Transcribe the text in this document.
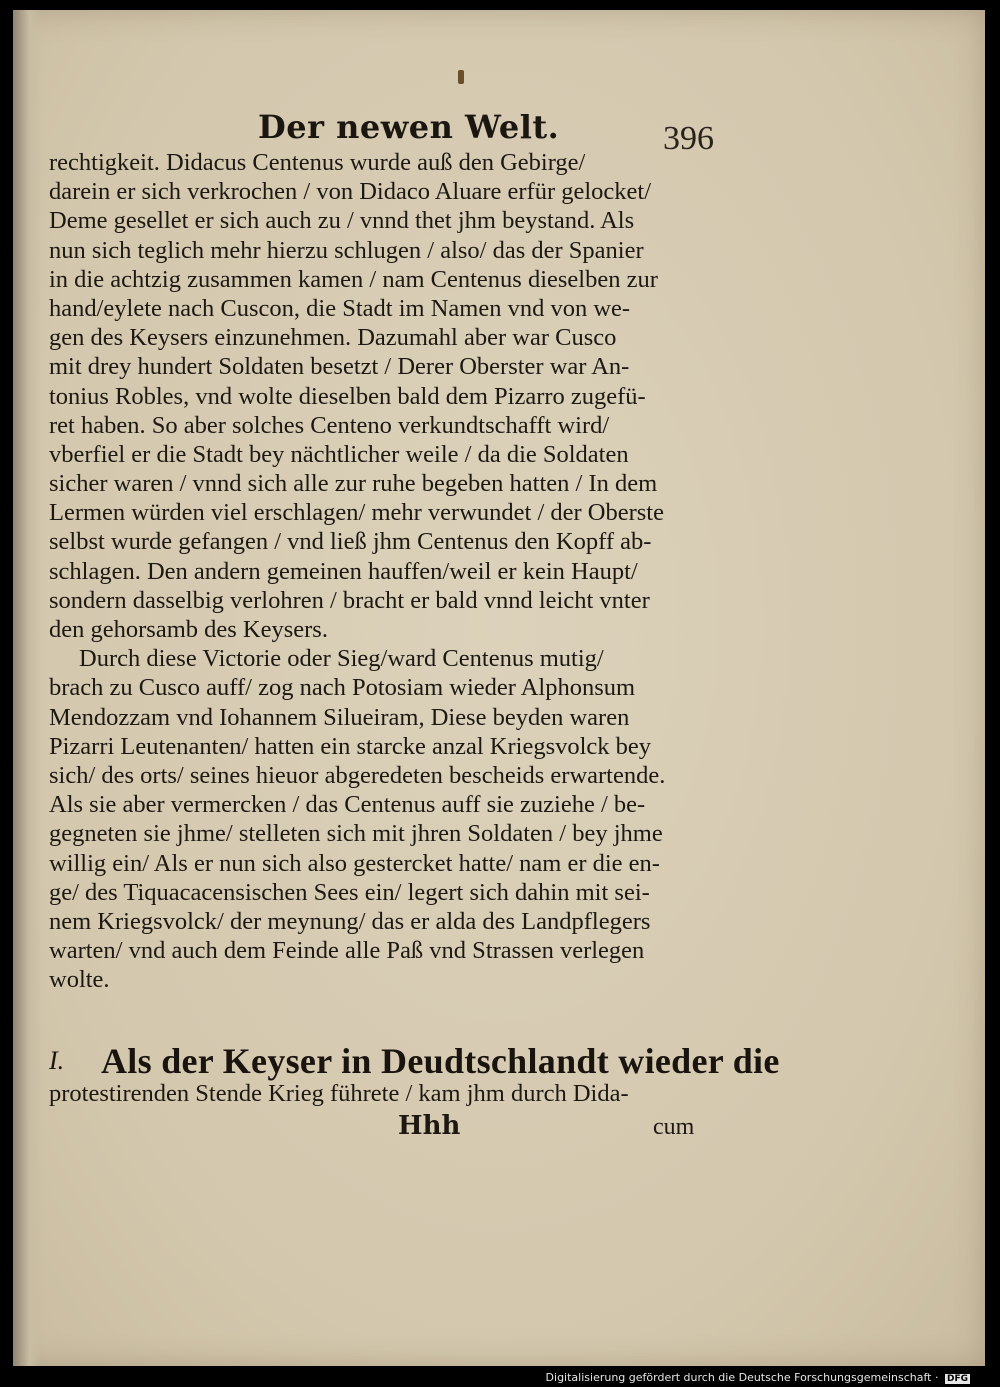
Der newen Welt.	396
rechtigkeit. Didacus Centenus wurde auß den Gebirge/
darein er sich verkrochen / von Didaco Aluare erfür gelocket/
Deme gesellet er sich auch zu / vnnd thet jhm beystand. Als
nun sich teglich mehr hierzu schlugen / also/ das der Spanier
in die achtzig zusammen kamen / nam Centenus dieselben zur
hand/eylete nach Cuscon, die Stadt im Namen vnd von we-
gen des Keysers einzunehmen. Dazumahl aber war Cusco
mit drey hundert Soldaten besetzt / Derer Oberster war An-
tonius Robles, vnd wolte dieselben bald dem Pizarro zugefü-
ret haben. So aber solches Centeno verkundtschafft wird/
vberfiel er die Stadt bey nächtlicher weile / da die Soldaten
sicher waren / vnnd sich alle zur ruhe begeben hatten / In dem
Lermen würden viel erschlagen/ mehr verwundet / der Oberste
selbst wurde gefangen / vnd ließ jhm Centenus den Kopff ab-
schlagen. Den andern gemeinen hauffen/weil er kein Haupt/
sondern dasselbig verlohren / bracht er bald vnnd leicht vnter
den gehorsamb des Keysers.
Durch diese Victorie oder Sieg/ward Centenus mutig/
brach zu Cusco auff/ zog nach Potosiam wieder Alphonsum
Mendozzam vnd Iohannem Silueiram, Diese beyden waren
Pizarri Leutenanten/ hatten ein starcke anzal Kriegsvolck bey
sich/ des orts/ seines hieuor abgeredeten bescheids erwartende.
Als sie aber vermercken / das Centenus auff sie zuziehe / be-
gegneten sie jhme/ stelleten sich mit jhren Soldaten / bey jhme
willig ein/ Als er nun sich also gestercket hatte/ nam er die en-
ge/ des Tiquacacensischen Sees ein/ legert sich dahin mit sei-
nem Kriegsvolck/ der meynung/ das er alda des Landpflegers
warten/ vnd auch dem Feinde alle Paß vnd Strassen verlegen
wolte.
I. Als der Keyser in Deudtschlandt wieder die
protestirenden Stende Krieg führete / kam jhm durch Dida-
Hhh	cum
Digitalisierung gefördert durch die Deutsche Forschungsgemeinschaft · DFG
